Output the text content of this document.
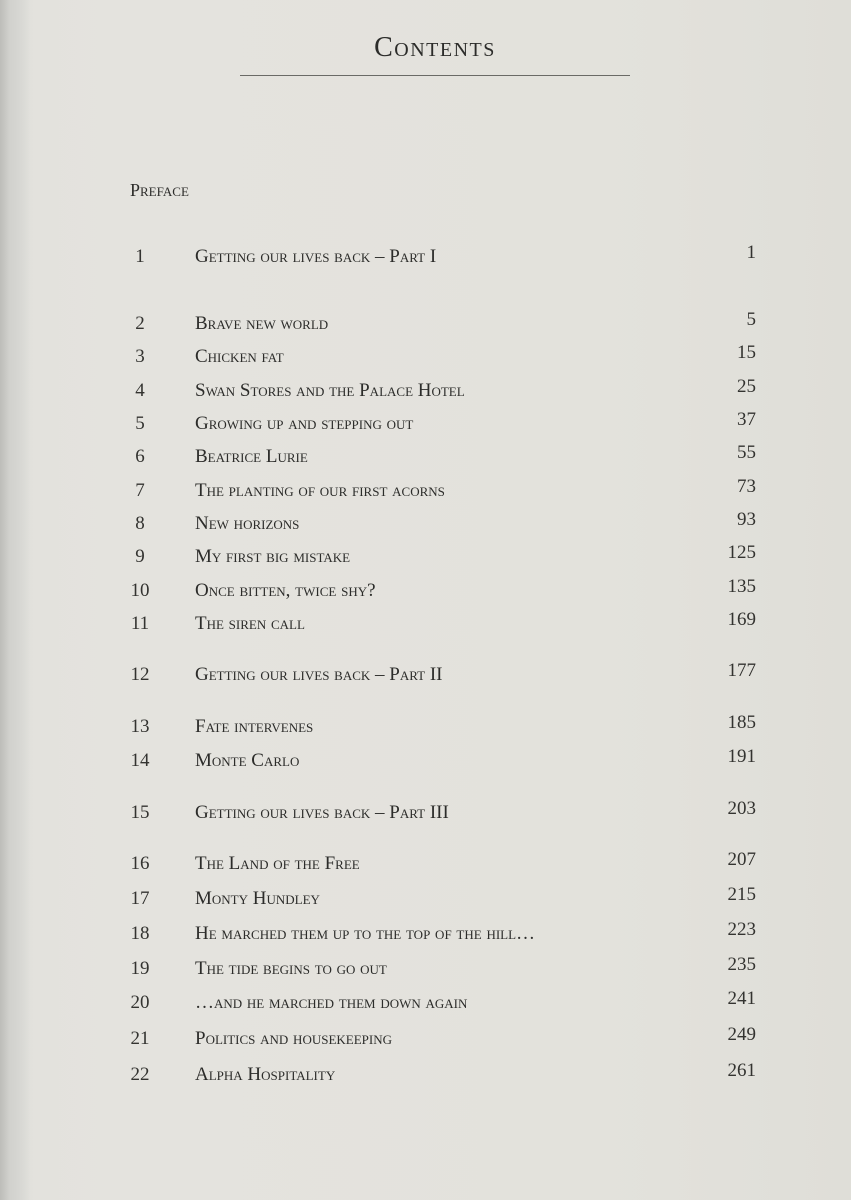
Contents
Preface
1	Getting our lives back – Part I	1
2	Brave new world	5
3	Chicken fat	15
4	Swan Stores and the Palace Hotel	25
5	Growing up and stepping out	37
6	Beatrice Lurie	55
7	The planting of our first acorns	73
8	New horizons	93
9	My first big mistake	125
10	Once bitten, twice shy?	135
11	The siren call	169
12	Getting our lives back – Part II	177
13	Fate intervenes	185
14	Monte Carlo	191
15	Getting our lives back – Part III	203
16	The Land of the Free	207
17	Monty Hundley	215
18	He marched them up to the top of the hill…	223
19	The tide begins to go out	235
20	…and he marched them down again	241
21	Politics and housekeeping	249
22	Alpha Hospitality	261
